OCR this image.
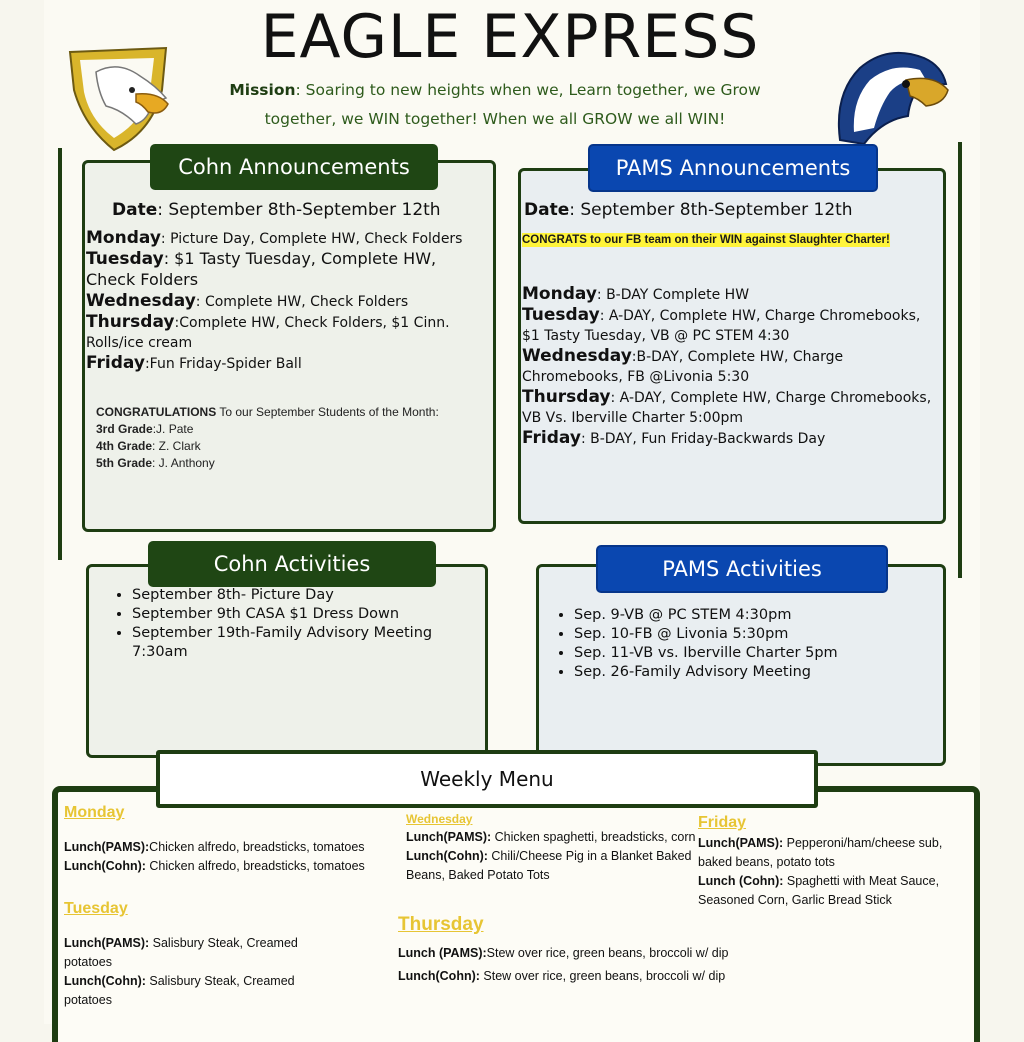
EAGLE EXPRESS
Mission: Soaring to new heights when we, Learn together, we Grow together, we WIN together! When we all GROW we all WIN!
Cohn Announcements
Date: September 8th-September 12th
Monday: Picture Day, Complete HW, Check Folders
Tuesday: $1 Tasty Tuesday, Complete HW, Check Folders
Wednesday: Complete HW, Check Folders
Thursday:Complete HW, Check Folders, $1 Cinn. Rolls/ice cream
Friday:Fun Friday-Spider Ball
CONGRATULATIONS To our September Students of the Month:
3rd Grade:J. Pate
4th Grade: Z. Clark
5th Grade: J. Anthony
PAMS Announcements
Date: September 8th-September 12th
CONGRATS to our FB team on their WIN against Slaughter Charter!
Monday: B-DAY Complete HW
Tuesday: A-DAY, Complete HW, Charge Chromebooks, $1 Tasty Tuesday, VB @ PC STEM 4:30
Wednesday:B-DAY, Complete HW, Charge Chromebooks, FB @Livonia 5:30
Thursday: A-DAY, Complete HW, Charge Chromebooks, VB Vs. Iberville Charter 5:00pm
Friday: B-DAY, Fun Friday-Backwards Day
Cohn Activities
• September 8th- Picture Day
• September 9th CASA $1 Dress Down
• September 19th-Family Advisory Meeting 7:30am
PAMS Activities
• Sep. 9-VB @ PC STEM 4:30pm
• Sep. 10-FB @ Livonia 5:30pm
• Sep. 11-VB vs. Iberville Charter 5pm
• Sep. 26-Family Advisory Meeting
Weekly Menu
Monday
Lunch(PAMS):Chicken alfredo, breadsticks, tomatoes
Lunch(Cohn): Chicken alfredo, breadsticks, tomatoes
Tuesday
Lunch(PAMS): Salisbury Steak, Creamed potatoes
Lunch(Cohn): Salisbury Steak, Creamed potatoes
Wednesday
Lunch(PAMS): Chicken spaghetti, breadsticks, corn
Lunch(Cohn): Chili/Cheese Pig in a Blanket Baked Beans, Baked Potato Tots
Thursday
Lunch (PAMS):Stew over rice, green beans, broccoli w/ dip
Lunch(Cohn): Stew over rice, green beans, broccoli w/ dip
Friday
Lunch(PAMS): Pepperoni/ham/cheese sub, baked beans, potato tots
Lunch (Cohn): Spaghetti with Meat Sauce, Seasoned Corn, Garlic Bread Stick
